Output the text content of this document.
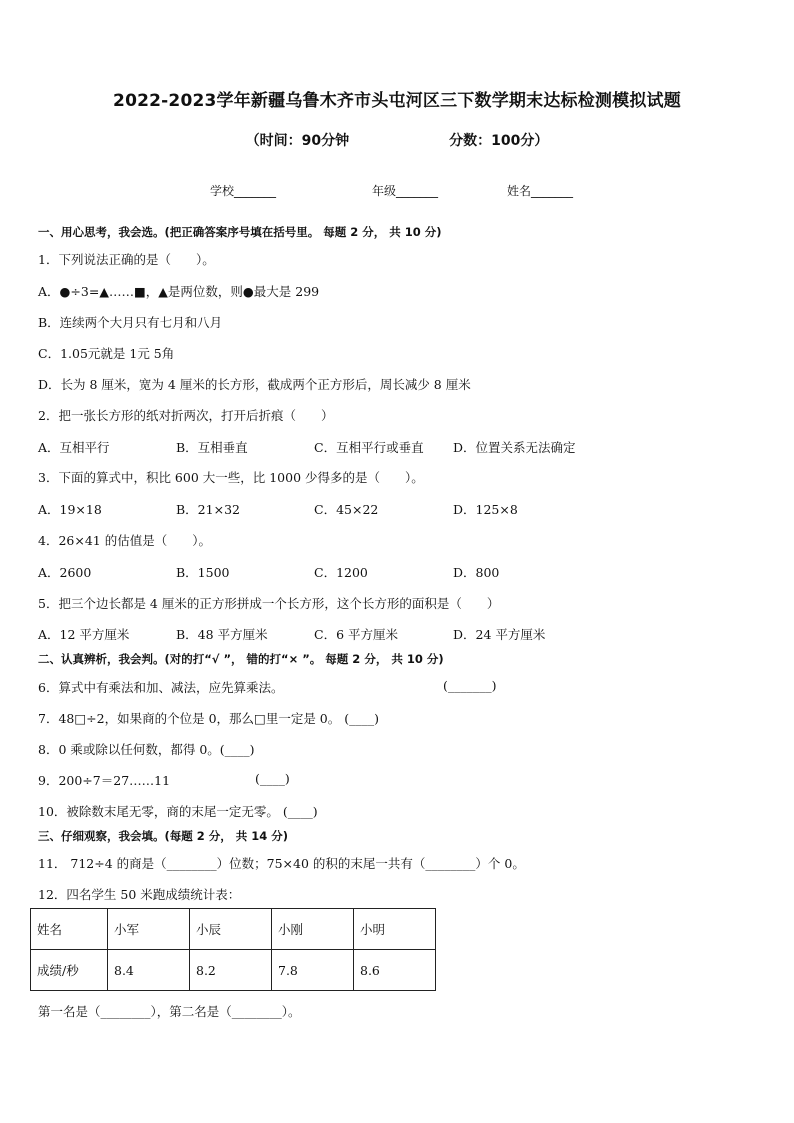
2022-2023学年新疆乌鲁木齐市头屯河区三下数学期末达标检测模拟试题
（时间：90分钟	分数：100分）
学校_______	年级_______	姓名_______
一、用心思考，我会选。(把正确答案序号填在括号里。 每题 2 分， 共 10 分)
1．下列说法正确的是（　　）。
A．●÷3=▲……■，▲是两位数，则●最大是 299
B．连续两个大月只有七月和八月
C．1.05元就是 1元 5角
D．长为 8 厘米，宽为 4 厘米的长方形，截成两个正方形后，周长减少 8 厘米
2．把一张长方形的纸对折两次，打开后折痕（　　）
A．互相平行	B．互相垂直	C．互相平行或垂直 D．位置关系无法确定
3．下面的算式中，积比 600 大一些，比 1000 少得多的是（　　）。
A．19×18	B．21×32	C．45×22	D．125×8
4．26×41 的估值是（　　）。
A．2600	B．1500	C．1200	D．800
5．把三个边长都是 4 厘米的正方形拼成一个长方形，这个长方形的面积是（　　）
A．12 平方厘米	B．48 平方厘米	C．6 平方厘米	D．24 平方厘米
二、认真辨析，我会判。(对的打“√ ”， 错的打“× ”。 每题 2 分， 共 10 分)
6．算式中有乘法和加、减法，应先算乘法。	(_______)
7．48□÷2，如果商的个位是 0，那么□里一定是 0。 (____)
8．0 乘或除以任何数，都得 0。(____)
9．200÷7＝27……11	(____)
10．被除数末尾无零，商的末尾一定无零。 (____)
三、仔细观察，我会填。(每题 2 分， 共 14 分)
11． 712÷4 的商是（________）位数；75×40 的积的末尾一共有（________）个 0。
12．四名学生 50 米跑成绩统计表：
姓名	小军	小辰	小刚	小明
成绩/秒	8.4	8.2	7.8	8.6
第一名是（________），第二名是（________）。
